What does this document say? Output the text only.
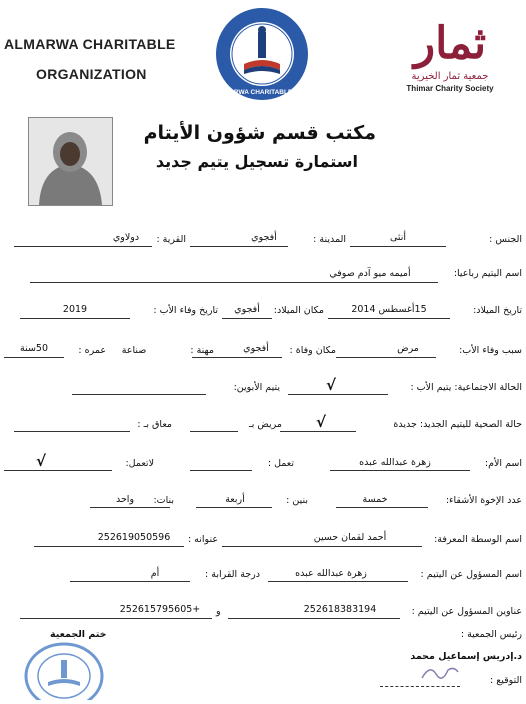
ALMARWA CHARITABLE
ORGANIZATION
ALMARWA CHARITABLE ORG
ثمار
جمعية ثمار الخيرية
Thimar Charity Society
مكتب قسم شؤون الأيتام
استمارة تسجيل يتيم جديد
الجنس :
أنثى
المدينة :
أفجوي
القرية :
دولاوي
اسم اليتيم رباعيا:
أميمه ميو آدم صوفي
تاريخ الميلاد:
15أغسطس 2014
مكان الميلاد:
أفجوي
تاريخ وفاء الأب :
2019
سبب وفاء الأب:
مرض
مكان وفاة :
أفجوي
مهنة :
صناعة
عمره :
50سنة
الحالة الاجتماعية: يتيم الأب :
√
يتيم الأبوين:
حالة الصحية لليتيم الجديد: جديدة
√
مريض بـ
معاق بـ :
اسم الأم:
زهرة عبدالله عبده
تعمل :
لاتعمل:
√
عدد الإخوة الأشقاء:
خمسة
بنين :
أربعة
بنات:
واحد
اسم الوسطة المعرفة:
أحمد لقمان حسين
عنوانه :
252619050596
اسم المسؤول عن اليتيم :
زهرة عبدالله عبده
درجة القرابة :
أم
عناوين المسؤول عن اليتيم :
252618383194
و
+252615795605
رئيس الجمعية :
ختم الجمعية
د.إدريس إسماعيل محمد
التوقيع :
